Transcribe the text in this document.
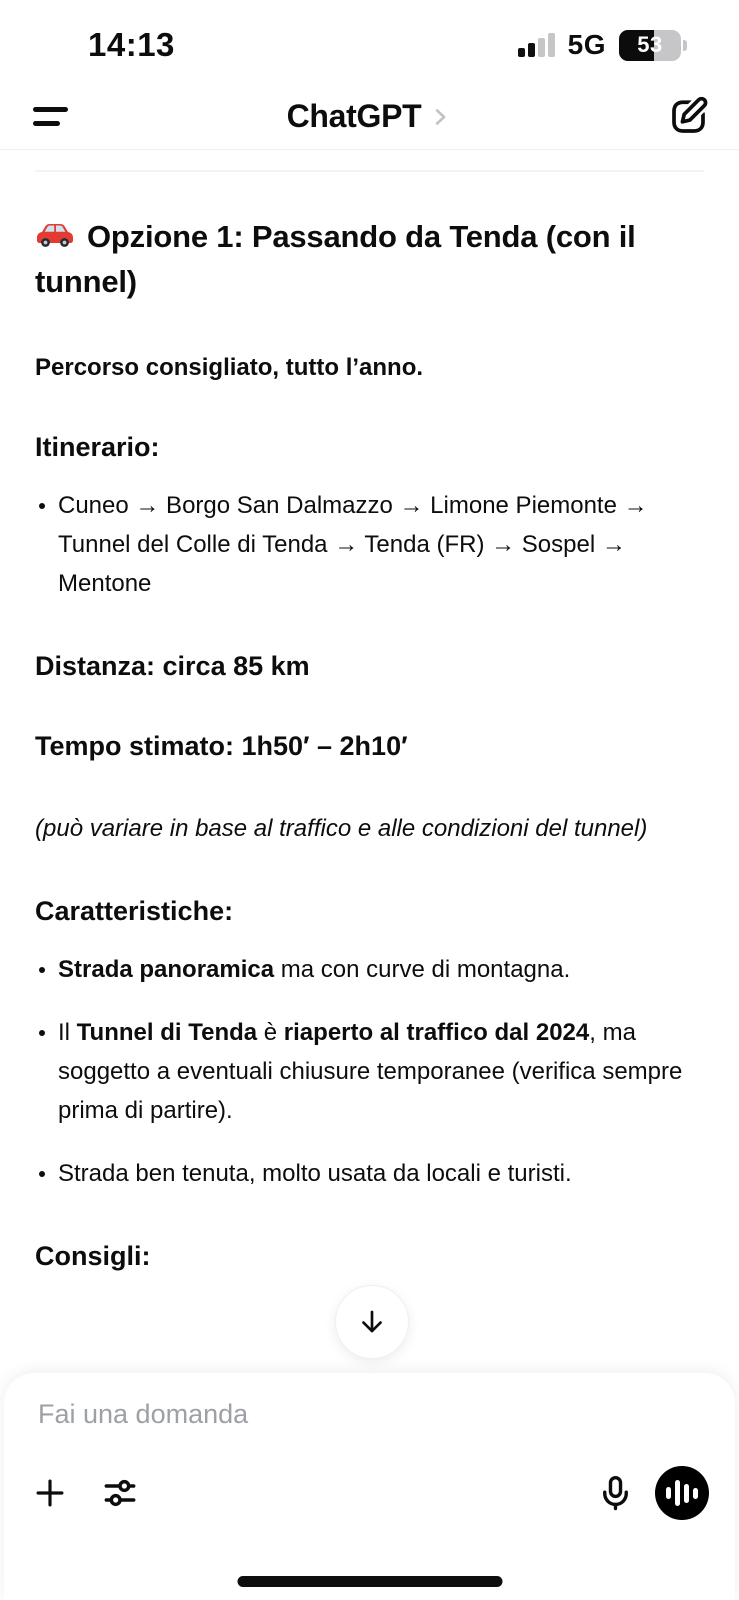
14:13	5G	53
ChatGPT
Opzione 1: Passando da Tenda (con il tunnel)

Percorso consigliato, tutto l’anno.

Itinerario:
Cuneo → Borgo San Dalmazzo → Limone Piemonte → Tunnel del Colle di Tenda → Tenda (FR) → Sospel → Mentone
Distanza: circa 85 km
Tempo stimato: 1h50′ – 2h10′

(può variare in base al traffico e alle condizioni del tunnel)

Caratteristiche:
Strada panoramica ma con curve di montagna.
Il Tunnel di Tenda è riaperto al traffico dal 2024, ma soggetto a eventuali chiusure temporanee (verifica sempre prima di partire).
Strada ben tenuta, molto usata da locali e turisti.
Consigli:
Fai una domanda
